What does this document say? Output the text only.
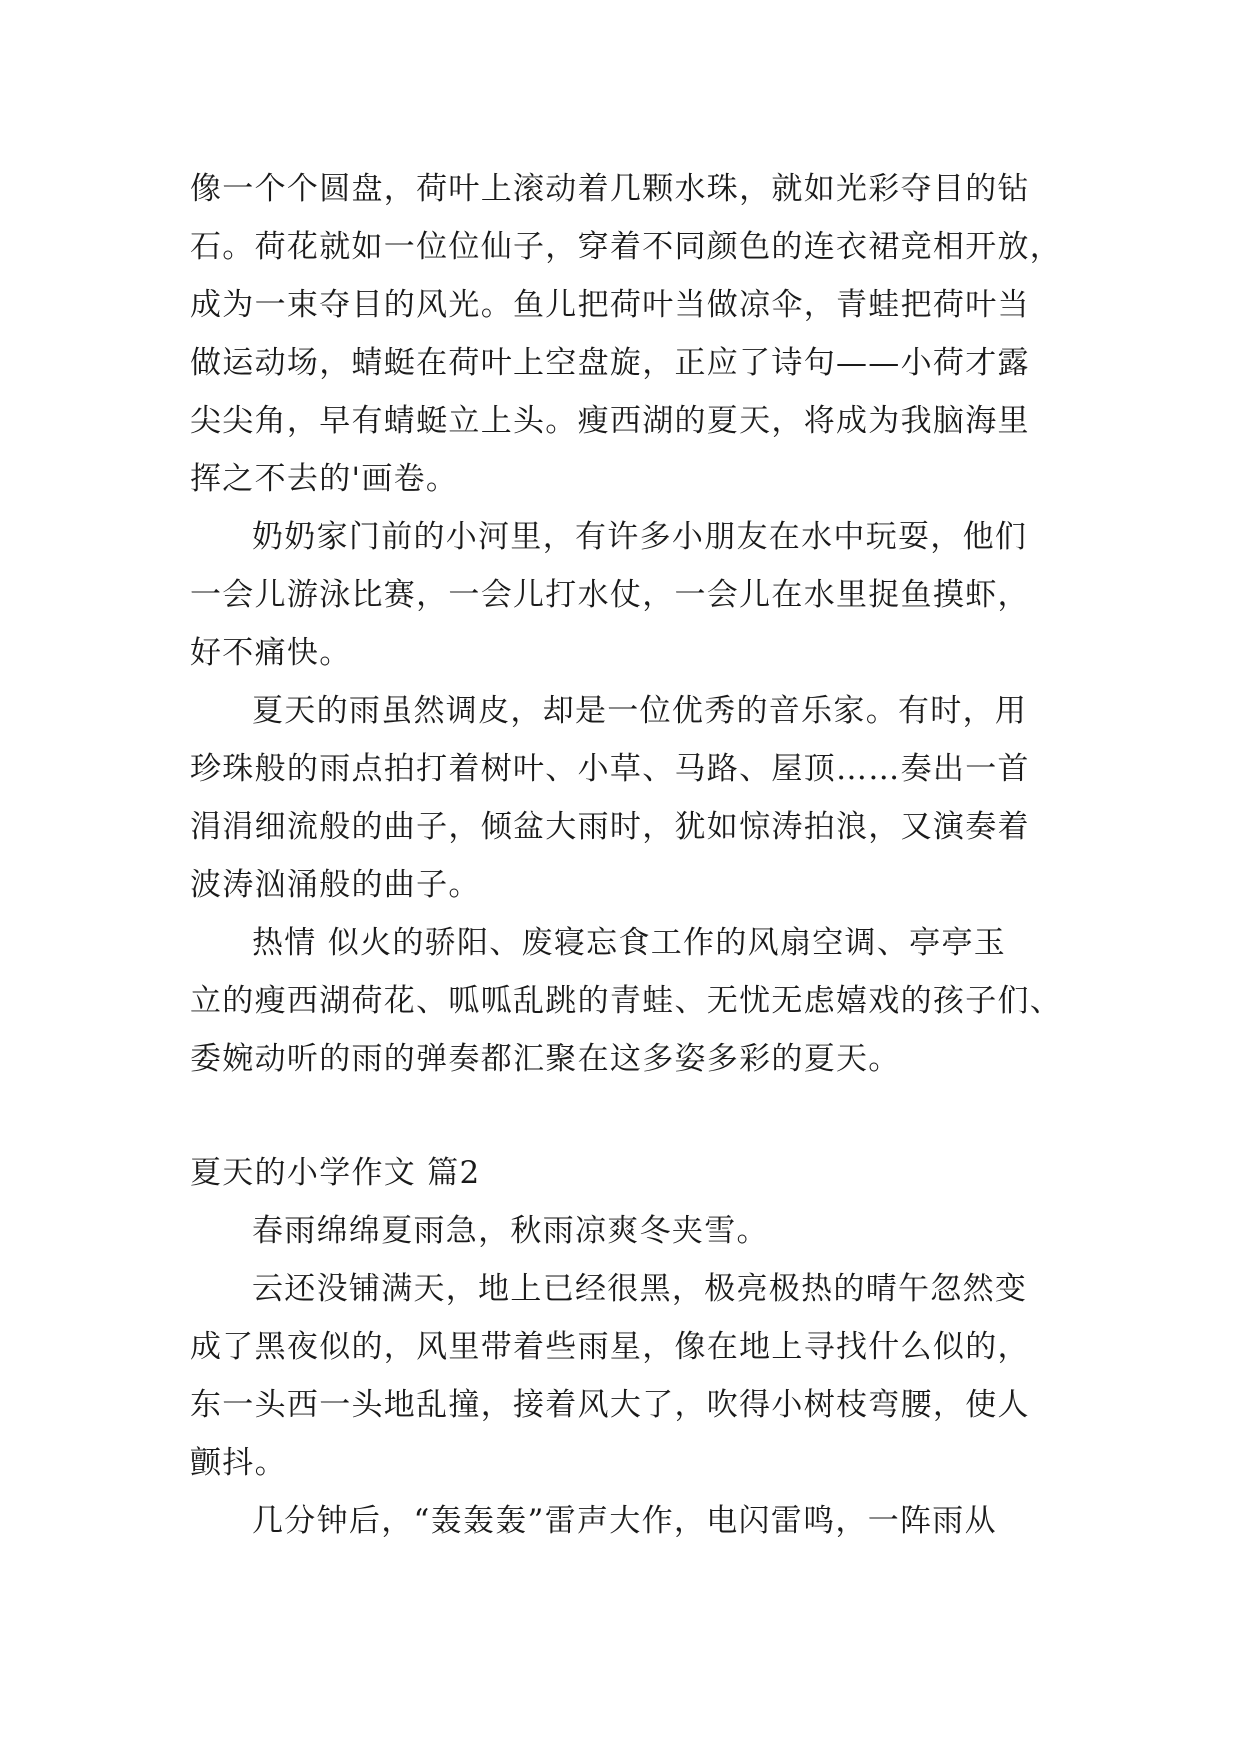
像一个个圆盘，荷叶上滚动着几颗水珠，就如光彩夺目的钻
石。荷花就如一位位仙子，穿着不同颜色的连衣裙竞相开放，
成为一束夺目的风光。鱼儿把荷叶当做凉伞，青蛙把荷叶当
做运动场，蜻蜓在荷叶上空盘旋，正应了诗句——小荷才露
尖尖角，早有蜻蜓立上头。瘦西湖的夏天，将成为我脑海里
挥之不去的'画卷。
奶奶家门前的小河里，有许多小朋友在水中玩耍，他们
一会儿游泳比赛，一会儿打水仗，一会儿在水里捉鱼摸虾，
好不痛快。
夏天的雨虽然调皮，却是一位优秀的音乐家。有时，用
珍珠般的雨点拍打着树叶、小草、马路、屋顶……奏出一首
涓涓细流般的曲子，倾盆大雨时，犹如惊涛拍浪，又演奏着
波涛汹涌般的曲子。
热情 似火的骄阳、废寝忘食工作的风扇空调、亭亭玉
立的瘦西湖荷花、呱呱乱跳的青蛙、无忧无虑嬉戏的孩子们、
委婉动听的雨的弹奏都汇聚在这多姿多彩的夏天。
夏天的小学作文 篇2
春雨绵绵夏雨急，秋雨凉爽冬夹雪。
云还没铺满天，地上已经很黑，极亮极热的晴午忽然变
成了黑夜似的，风里带着些雨星，像在地上寻找什么似的，
东一头西一头地乱撞，接着风大了，吹得小树枝弯腰，使人
颤抖。
几分钟后，“轰轰轰”雷声大作，电闪雷鸣，一阵雨从
